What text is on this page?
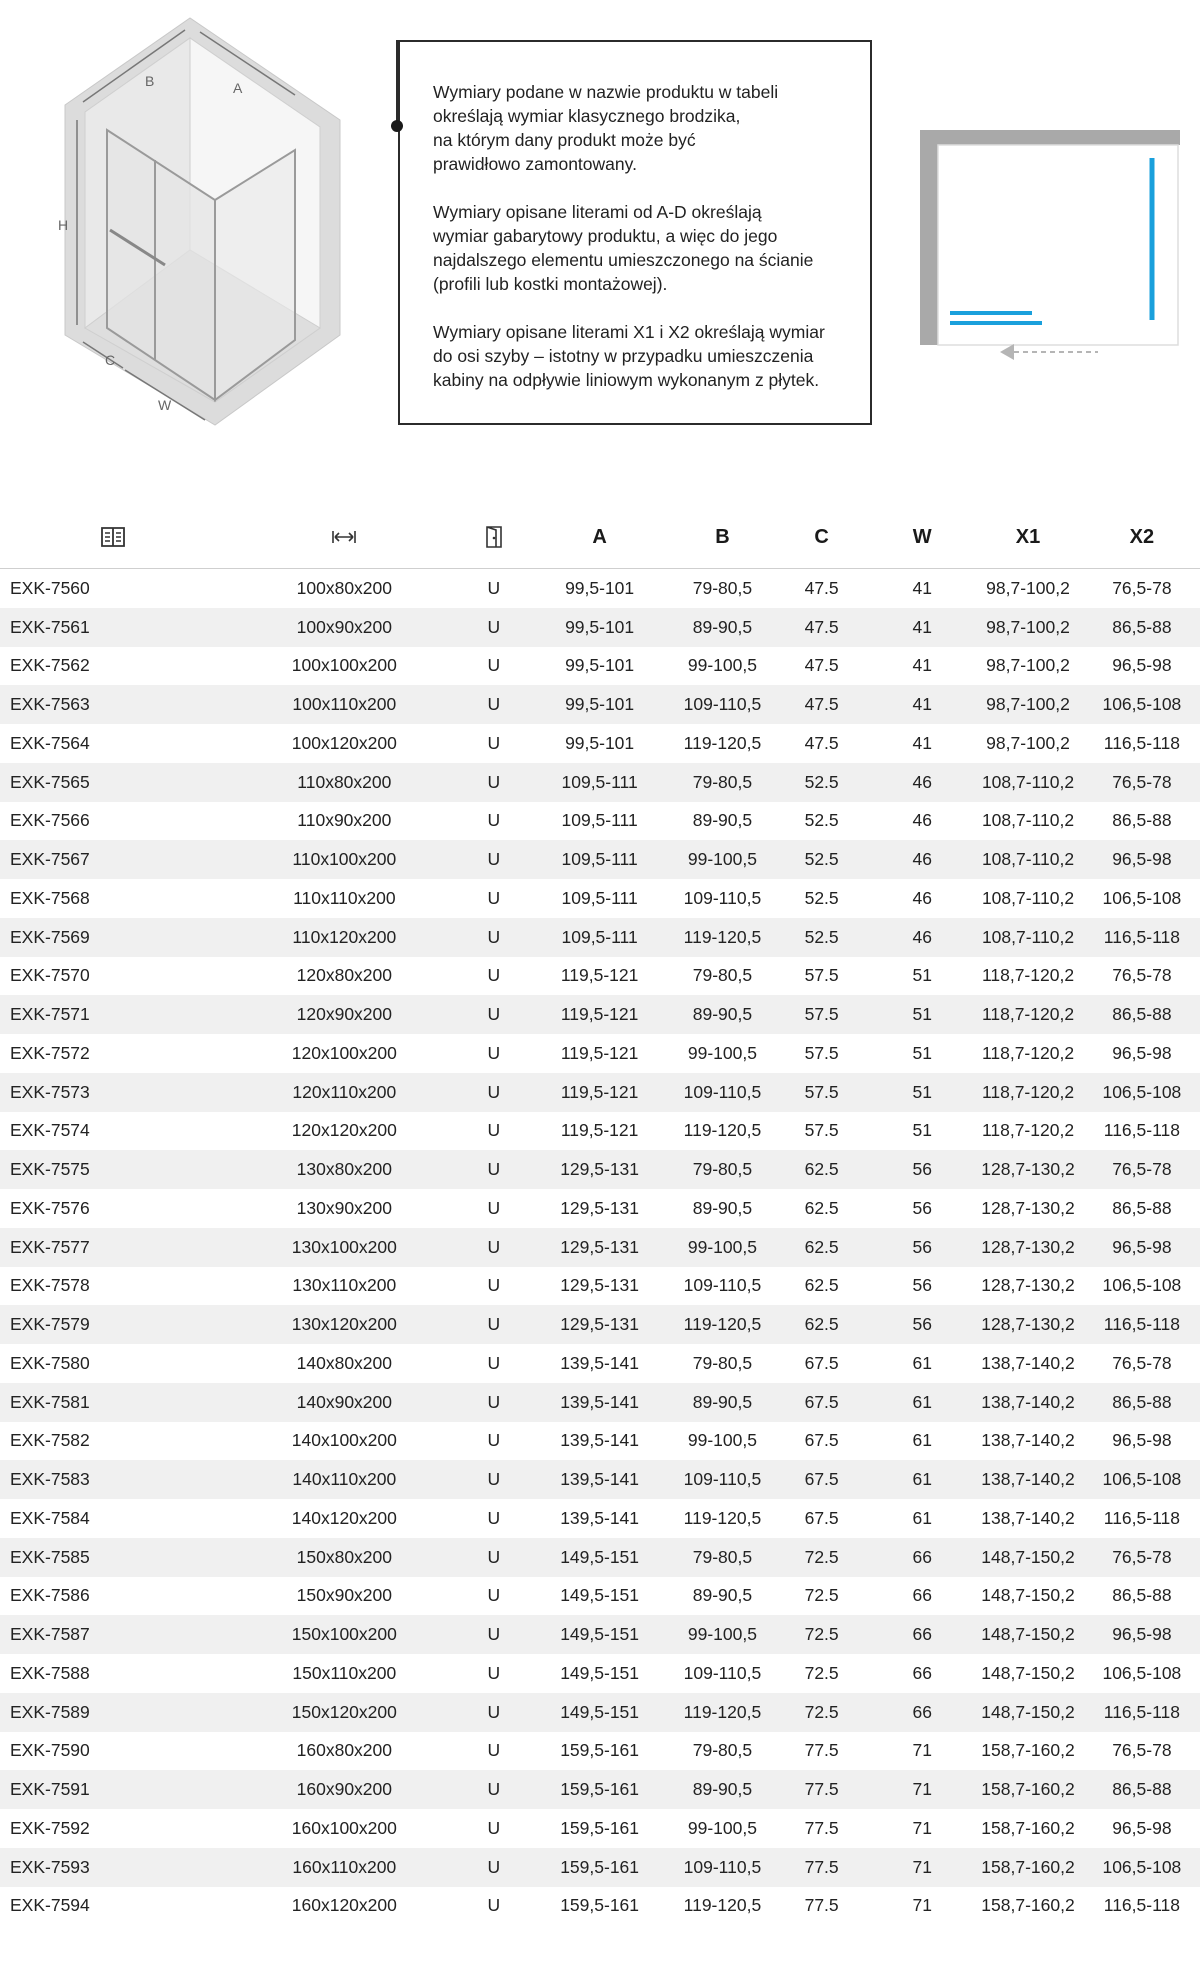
B	A
H
C
W

Wymiary podane w nazwie produktu w tabeli
określają wymiar klasycznego brodzika,
na którym dany produkt może być
prawidłowo zamontowany.

Wymiary opisane literami od A-D określają
wymiar gabarytowy produktu, a więc do jego
najdalszego elementu umieszczonego na ścianie
(profili lub kostki montażowej).

Wymiary opisane literami X1 i X2 określają wymiar
do osi szyby – istotny w przypadku umieszczenia
kabiny na odpływie liniowym wykonanym z płytek.

			A	B	C	W	X1	X2
EXK-7560	100x80x200	U	99,5-101	79-80,5	47.5	41	98,7-100,2	76,5-78
EXK-7561	100x90x200	U	99,5-101	89-90,5	47.5	41	98,7-100,2	86,5-88
EXK-7562	100x100x200	U	99,5-101	99-100,5	47.5	41	98,7-100,2	96,5-98
EXK-7563	100x110x200	U	99,5-101	109-110,5	47.5	41	98,7-100,2	106,5-108
EXK-7564	100x120x200	U	99,5-101	119-120,5	47.5	41	98,7-100,2	116,5-118
EXK-7565	110x80x200	U	109,5-111	79-80,5	52.5	46	108,7-110,2	76,5-78
EXK-7566	110x90x200	U	109,5-111	89-90,5	52.5	46	108,7-110,2	86,5-88
EXK-7567	110x100x200	U	109,5-111	99-100,5	52.5	46	108,7-110,2	96,5-98
EXK-7568	110x110x200	U	109,5-111	109-110,5	52.5	46	108,7-110,2	106,5-108
EXK-7569	110x120x200	U	109,5-111	119-120,5	52.5	46	108,7-110,2	116,5-118
EXK-7570	120x80x200	U	119,5-121	79-80,5	57.5	51	118,7-120,2	76,5-78
EXK-7571	120x90x200	U	119,5-121	89-90,5	57.5	51	118,7-120,2	86,5-88
EXK-7572	120x100x200	U	119,5-121	99-100,5	57.5	51	118,7-120,2	96,5-98
EXK-7573	120x110x200	U	119,5-121	109-110,5	57.5	51	118,7-120,2	106,5-108
EXK-7574	120x120x200	U	119,5-121	119-120,5	57.5	51	118,7-120,2	116,5-118
EXK-7575	130x80x200	U	129,5-131	79-80,5	62.5	56	128,7-130,2	76,5-78
EXK-7576	130x90x200	U	129,5-131	89-90,5	62.5	56	128,7-130,2	86,5-88
EXK-7577	130x100x200	U	129,5-131	99-100,5	62.5	56	128,7-130,2	96,5-98
EXK-7578	130x110x200	U	129,5-131	109-110,5	62.5	56	128,7-130,2	106,5-108
EXK-7579	130x120x200	U	129,5-131	119-120,5	62.5	56	128,7-130,2	116,5-118
EXK-7580	140x80x200	U	139,5-141	79-80,5	67.5	61	138,7-140,2	76,5-78
EXK-7581	140x90x200	U	139,5-141	89-90,5	67.5	61	138,7-140,2	86,5-88
EXK-7582	140x100x200	U	139,5-141	99-100,5	67.5	61	138,7-140,2	96,5-98
EXK-7583	140x110x200	U	139,5-141	109-110,5	67.5	61	138,7-140,2	106,5-108
EXK-7584	140x120x200	U	139,5-141	119-120,5	67.5	61	138,7-140,2	116,5-118
EXK-7585	150x80x200	U	149,5-151	79-80,5	72.5	66	148,7-150,2	76,5-78
EXK-7586	150x90x200	U	149,5-151	89-90,5	72.5	66	148,7-150,2	86,5-88
EXK-7587	150x100x200	U	149,5-151	99-100,5	72.5	66	148,7-150,2	96,5-98
EXK-7588	150x110x200	U	149,5-151	109-110,5	72.5	66	148,7-150,2	106,5-108
EXK-7589	150x120x200	U	149,5-151	119-120,5	72.5	66	148,7-150,2	116,5-118
EXK-7590	160x80x200	U	159,5-161	79-80,5	77.5	71	158,7-160,2	76,5-78
EXK-7591	160x90x200	U	159,5-161	89-90,5	77.5	71	158,7-160,2	86,5-88
EXK-7592	160x100x200	U	159,5-161	99-100,5	77.5	71	158,7-160,2	96,5-98
EXK-7593	160x110x200	U	159,5-161	109-110,5	77.5	71	158,7-160,2	106,5-108
EXK-7594	160x120x200	U	159,5-161	119-120,5	77.5	71	158,7-160,2	116,5-118
